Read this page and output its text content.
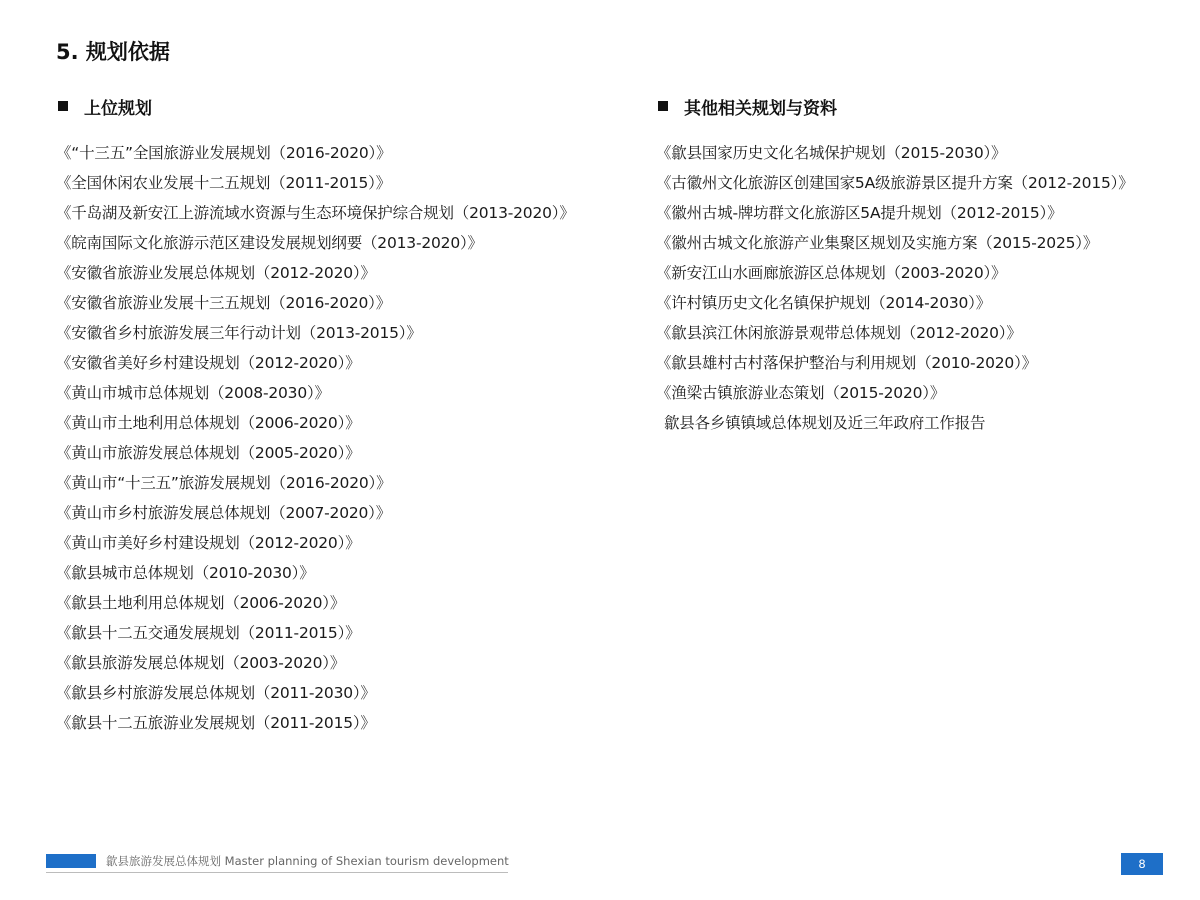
5. 规划依据
上位规划
《“十三五”全国旅游业发展规划（2016-2020）》
《全国休闲农业发展十二五规划（2011-2015）》
《千岛湖及新安江上游流域水资源与生态环境保护综合规划（2013-2020）》
《皖南国际文化旅游示范区建设发展规划纲要（2013-2020）》
《安徽省旅游业发展总体规划（2012-2020）》
《安徽省旅游业发展十三五规划（2016-2020）》
《安徽省乡村旅游发展三年行动计划（2013-2015）》
《安徽省美好乡村建设规划（2012-2020）》
《黄山市城市总体规划（2008-2030）》
《黄山市土地利用总体规划（2006-2020）》
《黄山市旅游发展总体规划（2005-2020）》
《黄山市“十三五”旅游发展规划（2016-2020）》
《黄山市乡村旅游发展总体规划（2007-2020）》
《黄山市美好乡村建设规划（2012-2020）》
《歙县城市总体规划（2010-2030）》
《歙县土地利用总体规划（2006-2020）》
《歙县十二五交通发展规划（2011-2015）》
《歙县旅游发展总体规划（2003-2020）》
《歙县乡村旅游发展总体规划（2011-2030）》
《歙县十二五旅游业发展规划（2011-2015）》
其他相关规划与资料
《歙县国家历史文化名城保护规划（2015-2030）》
《古徽州文化旅游区创建国家5A级旅游景区提升方案（2012-2015）》
《徽州古城-牌坊群文化旅游区5A提升规划（2012-2015）》
《徽州古城文化旅游产业集聚区规划及实施方案（2015-2025）》
《新安江山水画廊旅游区总体规划（2003-2020）》
《许村镇历史文化名镇保护规划（2014-2030）》
《歙县滨江休闲旅游景观带总体规划（2012-2020）》
《歙县雄村古村落保护整治与利用规划（2010-2020）》
《渔梁古镇旅游业态策划（2015-2020）》
歙县各乡镇镇域总体规划及近三年政府工作报告
歙县旅游发展总体规划 Master planning of Shexian tourism development	8
